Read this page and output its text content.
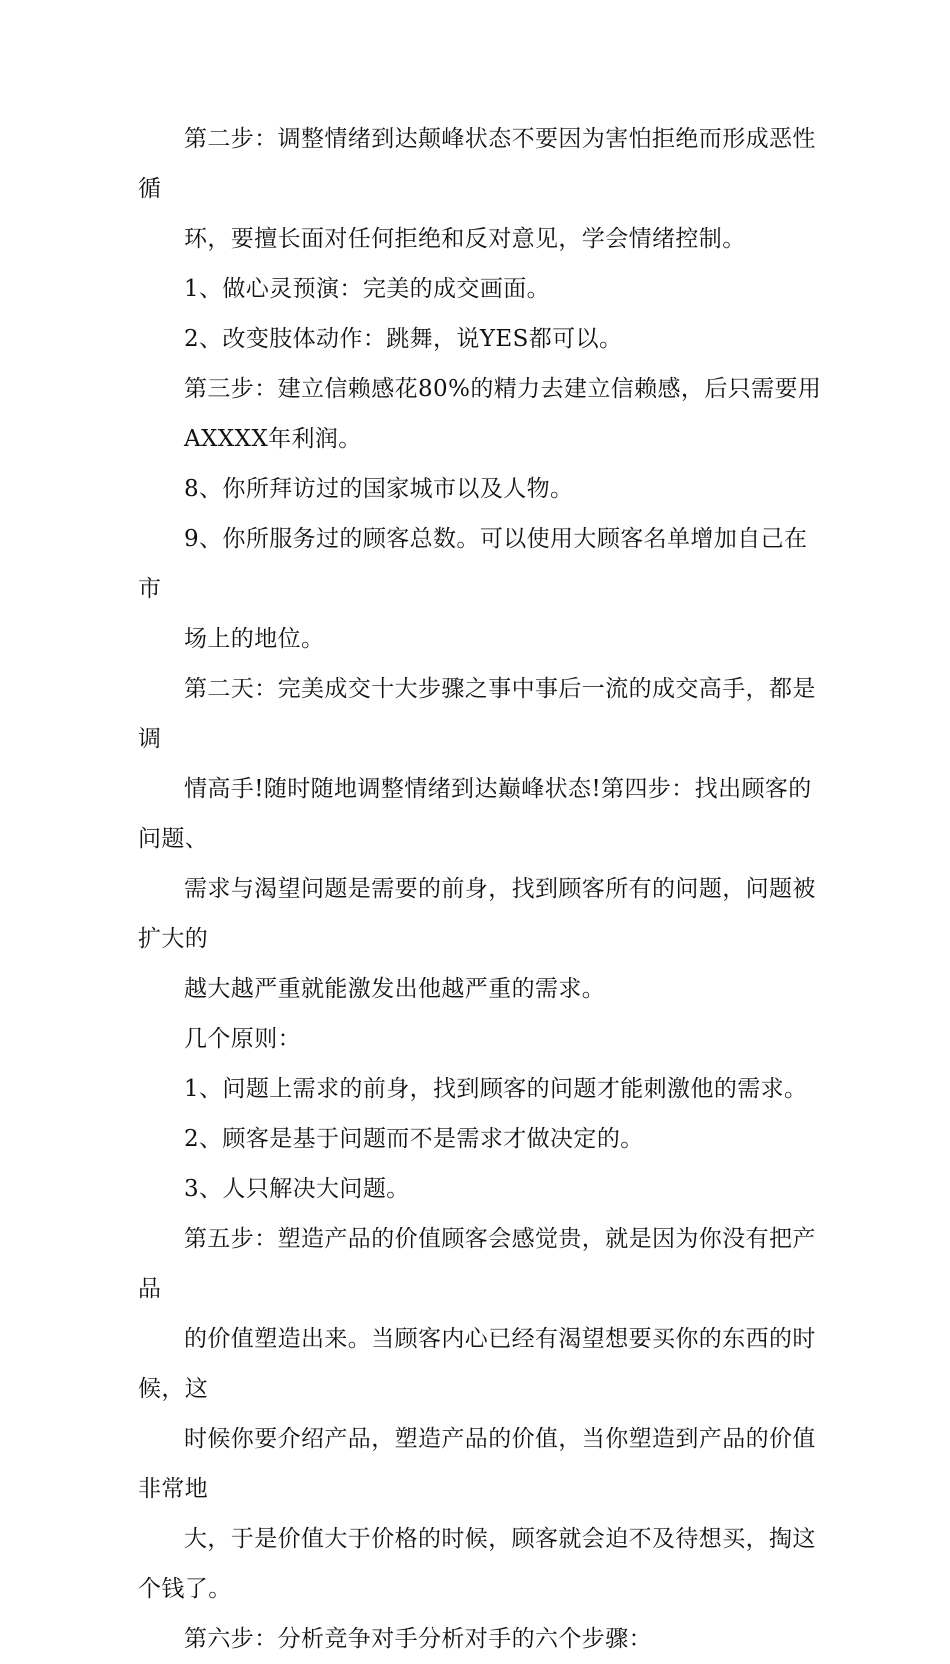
第二步：调整情绪到达颠峰状态不要因为害怕拒绝而形成恶性循
环，要擅长面对任何拒绝和反对意见，学会情绪控制。

1、做心灵预演：完美的成交画面。

2、改变肢体动作：跳舞，说YES都可以。

第三步：建立信赖感花80%的精力去建立信赖感，后只需要用
AXXXX年利润。

8、你所拜访过的国家城市以及人物。

9、你所服务过的顾客总数。可以使用大顾客名单增加自己在市
场上的地位。

第二天：完美成交十大步骤之事中事后一流的成交高手，都是调
情高手!随时随地调整情绪到达巅峰状态!第四步：找出顾客的问题、
需求与渴望问题是需要的前身，找到顾客所有的问题，问题被扩大的
越大越严重就能激发出他越严重的需求。

几个原则：

1、问题上需求的前身，找到顾客的问题才能刺激他的需求。

2、顾客是基于问题而不是需求才做决定的。

3、人只解决大问题。

第五步：塑造产品的价值顾客会感觉贵，就是因为你没有把产品
的价值塑造出来。当顾客内心已经有渴望想要买你的东西的时候，这
时候你要介绍产品，塑造产品的价值，当你塑造到产品的价值非常地
大，于是价值大于价格的时候，顾客就会迫不及待想买，掏这个钱了。

第六步：分析竞争对手分析对手的六个步骤：
